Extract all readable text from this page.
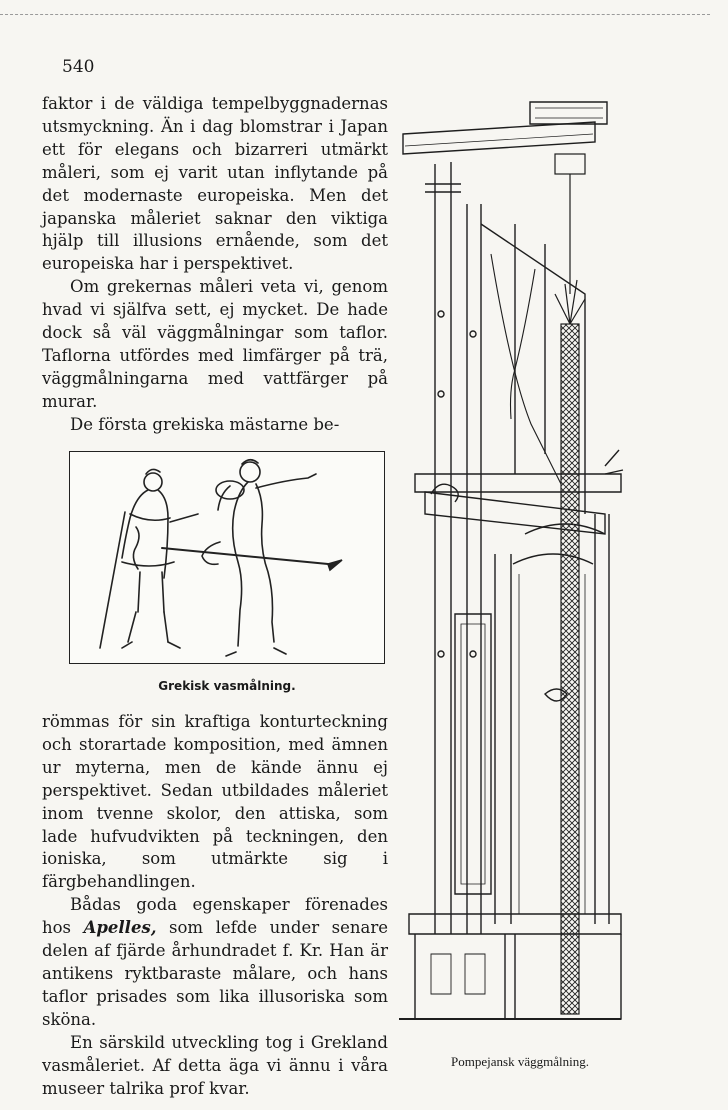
540

faktor i de väldiga tempelbyggnadernas utsmyckning. Än i dag blomstrar i Japan ett för elegans och bizarreri utmärkt måleri, som ej varit utan inflytande på det modernaste europeiska. Men det japanska måleriet saknar den viktiga hjälp till illusions ernående, som det europeiska har i perspektivet.

Om grekernas måleri veta vi, genom hvad vi själfva sett, ej mycket. De hade dock så väl väggmålningar som taflor. Taflorna utfördes med limfärger på trä, väggmålningarna med vattfärger på murar.

De första grekiska mästarne be-

Grekisk vasmålning.

römmas för sin kraftiga konturteckning och storartade komposition, med ämnen ur myterna, men de kände ännu ej perspektivet. Sedan utbildades måleriet inom tvenne skolor, den attiska, som lade hufvudvikten på teckningen, den ioniska, som utmärkte sig i färgbehandlingen.

Bådas goda egenskaper förenades hos Apelles, som lefde under senare delen af fjärde århundradet f. Kr. Han är antikens ryktbaraste målare, och hans taflor prisades som lika illusoriska som sköna.

En särskild utveckling tog i Grekland vasmåleriet. Af detta äga vi ännu i våra museer talrika prof kvar.

Pompejansk väggmålning.
